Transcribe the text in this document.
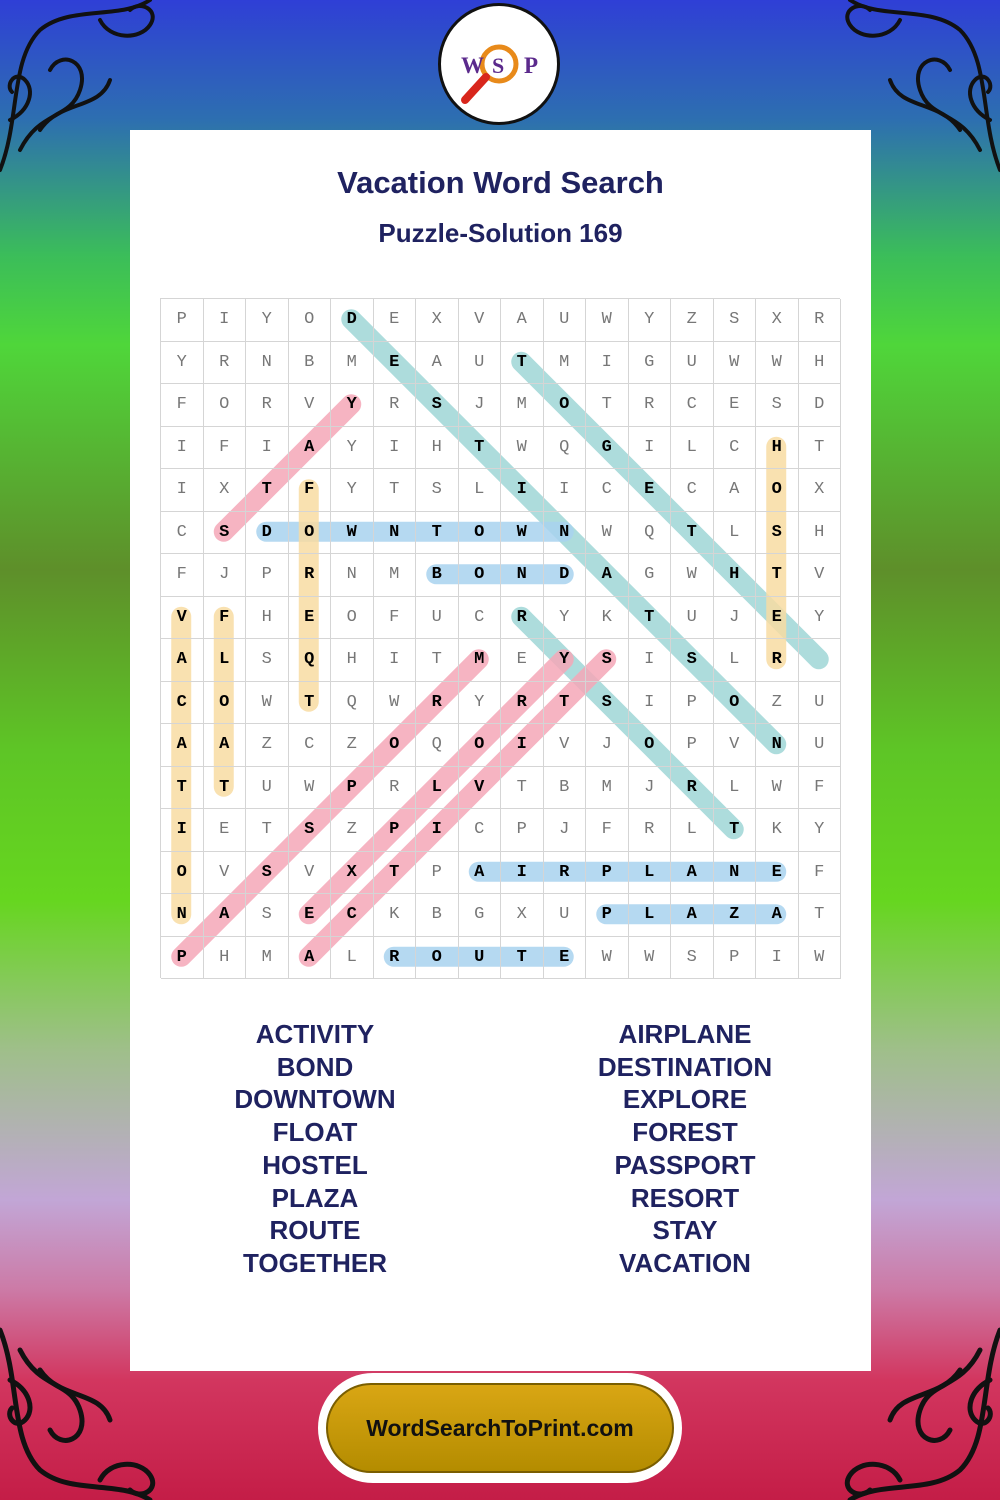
W S P
Vacation Word Search
Puzzle-Solution 169
P	I	Y	O	D	E	X	V	A	U	W	Y	Z	S	X	R
Y	R	N	B	M	E	A	U	T	M	I	G	U	W	W	H
F	O	R	V	Y	R	S	J	M	O	T	R	C	E	S	D
I	F	I	A	Y	I	H	T	W	Q	G	I	L	C	H	T
I	X	T	F	Y	T	S	L	I	I	C	E	C	A	O	X
C	S	D	O	W	N	T	O	W	N	W	Q	T	L	S	H
F	J	P	R	N	M	B	O	N	D	A	G	W	H	T	V
V	F	H	E	O	F	U	C	R	Y	K	T	U	J	E	Y
A	L	S	Q	H	I	T	M	E	Y	S	I	S	L	R
C	O	W	T	Q	W	R	Y	R	T	S	I	P	O	Z	U
A	A	Z	C	Z	O	Q	O	I	V	J	O	P	V	N	U
T	T	U	W	P	R	L	V	T	B	M	J	R	L	W	F
I	E	T	S	Z	P	I	C	P	J	F	R	L	T	K	Y
O	V	S	V	X	T	P	A	I	R	P	L	A	N	E	F
N	A	S	E	C	K	B	G	X	U	P	L	A	Z	A	T
P	H	M	A	L	R	O	U	T	E	W	W	S	P	I	W
ACTIVITY
BOND
DOWNTOWN
FLOAT
HOSTEL
PLAZA
ROUTE
TOGETHER
AIRPLANE
DESTINATION
EXPLORE
FOREST
PASSPORT
RESORT
STAY
VACATION
WordSearchToPrint.com
